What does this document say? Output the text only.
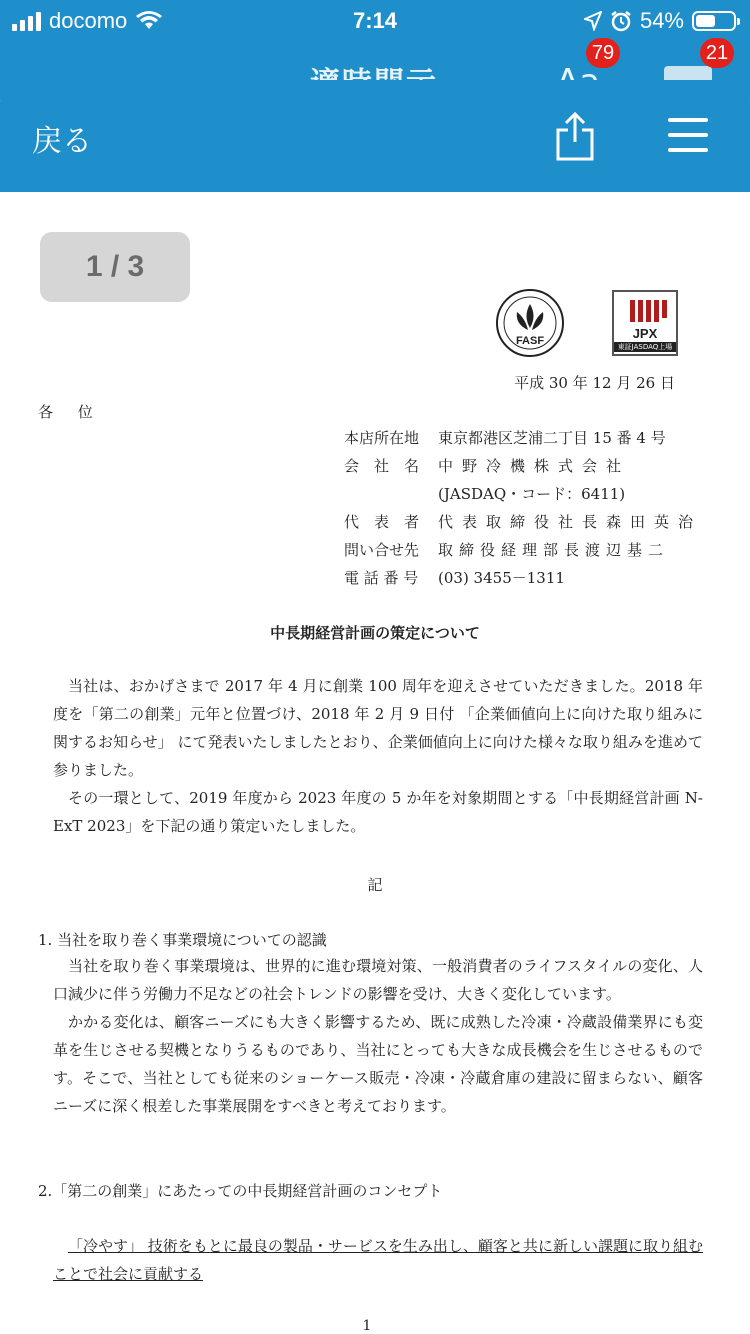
docomo	7:14	54%
79	21
戻る
1 / 3
FASF	JPX
東証JASDAQ上場
平成 30 年 12 月 26 日
各 位
本店所在地	東京都港区芝浦二丁目 15 番 4 号
会　社　名	中野冷機株式会社
(JASDAQ・コード：6411)
代　表　者	代表取締役社長森田英治
問い合せ先	取締役経理部長渡辺基二
電 話 番 号	(03) 3455－1311
中長期経営計画の策定について

当社は、おかげさまで 2017 年 4 月に創業 100 周年を迎えさせていただきました。2018 年度を「第二の創業」元年と位置づけ、2018 年 2 月 9 日付 「企業価値向上に向けた取り組みに関するお知らせ」 にて発表いたしましたとおり、企業価値向上に向けた様々な取り組みを進めて参りました。

その一環として、2019 年度から 2023 年度の 5 か年を対象期間とする「中長期経営計画 N-ExT 2023」を下記の通り策定いたしました。

記
1. 当社を取り巻く事業環境についての認識

当社を取り巻く事業環境は、世界的に進む環境対策、一般消費者のライフスタイルの変化、人口減少に伴う労働力不足などの社会トレンドの影響を受け、大きく変化しています。

かかる変化は、顧客ニーズにも大きく影響するため、既に成熟した冷凍・冷蔵設備業界にも変革を生じさせる契機となりうるものであり、当社にとっても大きな成長機会を生じさせるものです。そこで、当社としても従来のショーケース販売・冷凍・冷蔵倉庫の建設に留まらない、顧客ニーズに深く根差した事業展開をすべきと考えております。

2.「第二の創業」にあたっての中長期経営計画のコンセプト
「冷やす」 技術をもとに最良の製品・サービスを生み出し、顧客と共に新しい課題に取り組むことで社会に貢献する
1
